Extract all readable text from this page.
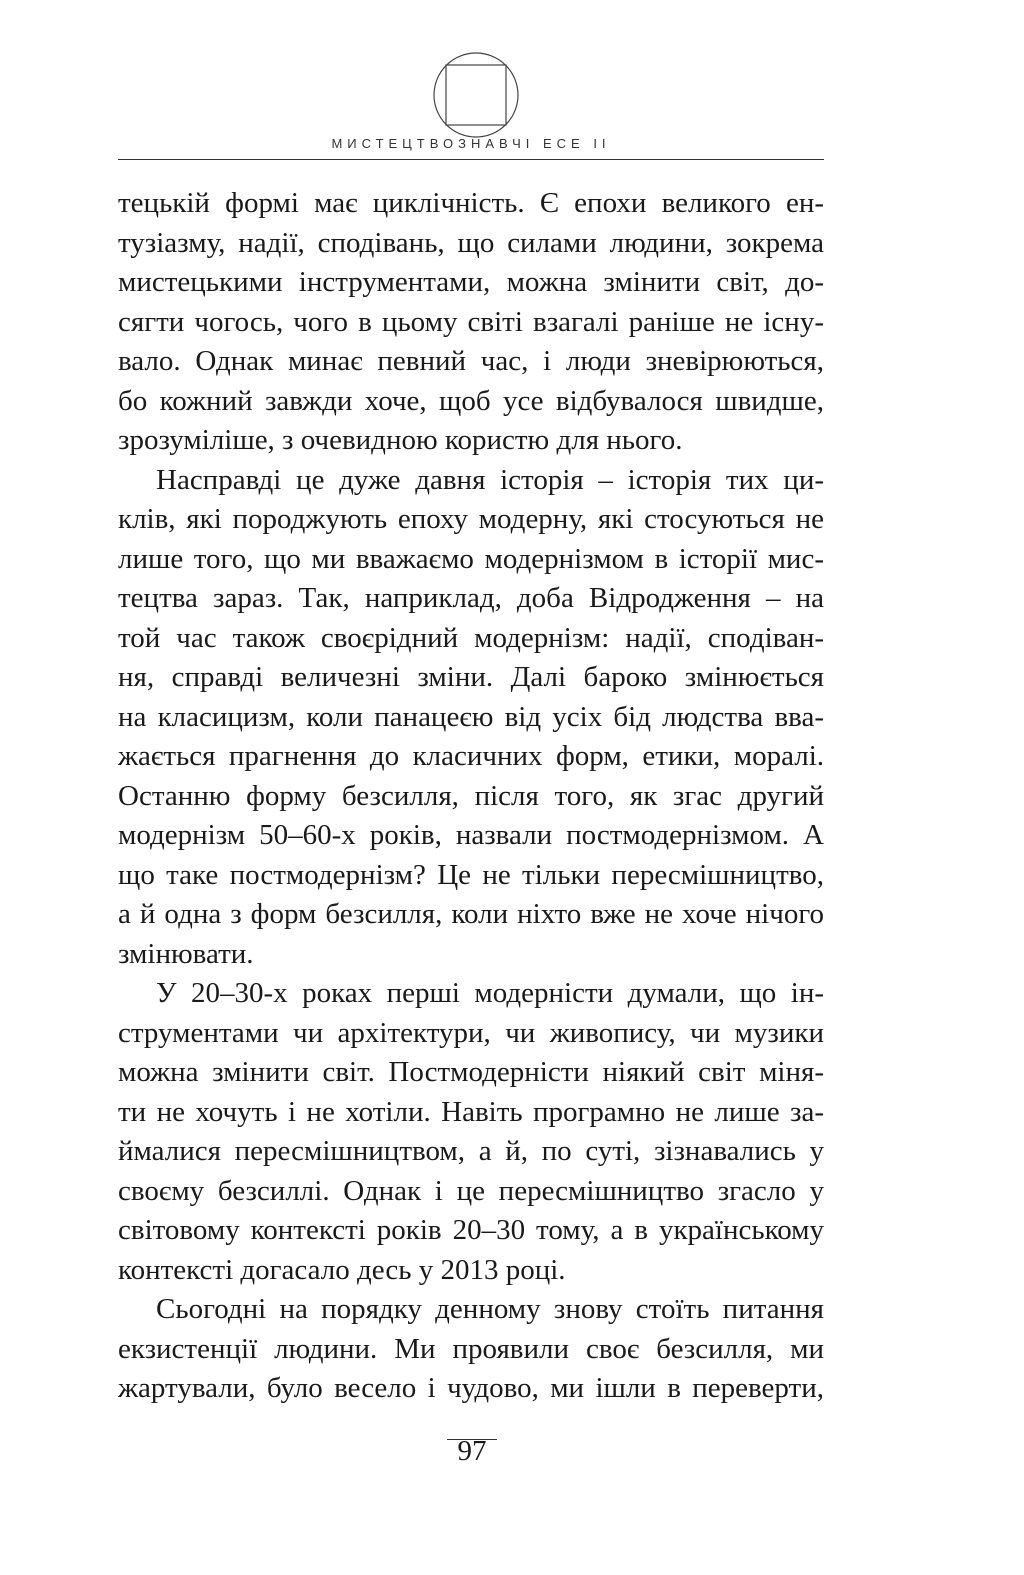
МИСТЕЦТВОЗНАВЧІ ЕСЕ II
тецькій формі має циклічність. Є епохи великого ен-
тузіазму, надії, сподівань, що силами людини, зокрема
мистецькими інструментами, можна змінити світ, до-
сягти чогось, чого в цьому світі взагалі раніше не існу-
вало. Однак минає певний час, і люди зневірюються,
бо кожний завжди хоче, щоб усе відбувалося швидше,
зрозуміліше, з очевидною користю для нього.
Насправді це дуже давня історія – історія тих ци-
клів, які породжують епоху модерну, які стосуються не
лише того, що ми вважаємо модернізмом в історії мис-
тецтва зараз. Так, наприклад, доба Відродження – на
той час також своєрідний модернізм: надії, сподіван-
ня, справді величезні зміни. Далі бароко змінюється
на класицизм, коли панацеєю від усіх бід людства вва-
жається прагнення до класичних форм, етики, моралі.
Останню форму безсилля, після того, як згас другий
модернізм 50–60-х років, назвали постмодернізмом. А
що таке постмодернізм? Це не тільки пересмішництво,
а й одна з форм безсилля, коли ніхто вже не хоче нічого
змінювати.
У 20–30-х роках перші модерністи думали, що ін-
струментами чи архітектури, чи живопису, чи музики
можна змінити світ. Постмодерністи ніякий світ міня-
ти не хочуть і не хотіли. Навіть програмно не лише за-
ймалися пересмішництвом, а й, по суті, зізнавались у
своєму безсиллі. Однак і це пересмішництво згасло у
світовому контексті років 20–30 тому, а в українському
контексті догасало десь у 2013 році.
Сьогодні на порядку денному знову стоїть питання
екзистенції людини. Ми проявили своє безсилля, ми
жартували, було весело і чудово, ми ішли в переверти,
97
